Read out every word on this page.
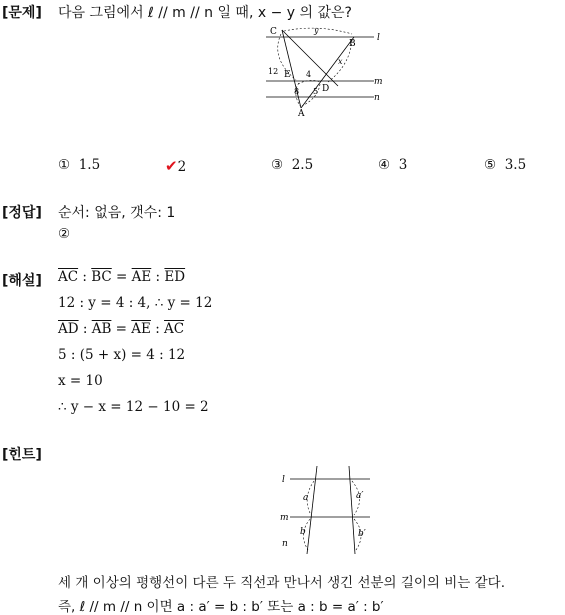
[문제] 다음 그림에서 ℓ // m // n 일 때, x − y 의 값은?
C
B
E
D
A
l
m
n
y
12	4
x
8 5
① 1.5	✔2	③ 2.5	④ 3	⑤ 3.5
[정답] 순서: 없음, 갯수: 1
②
[해설] $\overline{AC}$ : $\overline{BC} = \overline{AE}$ : $\overline{ED}$
12 : y = 4 : 4, ∴ y = 12
$\overline{AD}$ : $\overline{AB} = \overline{AE}$ : $\overline{AC}$
5 : (5 + x) = 4 : 12
x = 10
∴ y − x = 12 − 10 = 2
[힌트]
l
m
n
a	a′
b	b′
세 개 이상의 평행선이 다른 두 직선과 만나서 생긴 선분의 길이의 비는 같다.
즉, ℓ // m // n 이면 a : a′ = b : b′ 또는 a : b = a′ : b′
